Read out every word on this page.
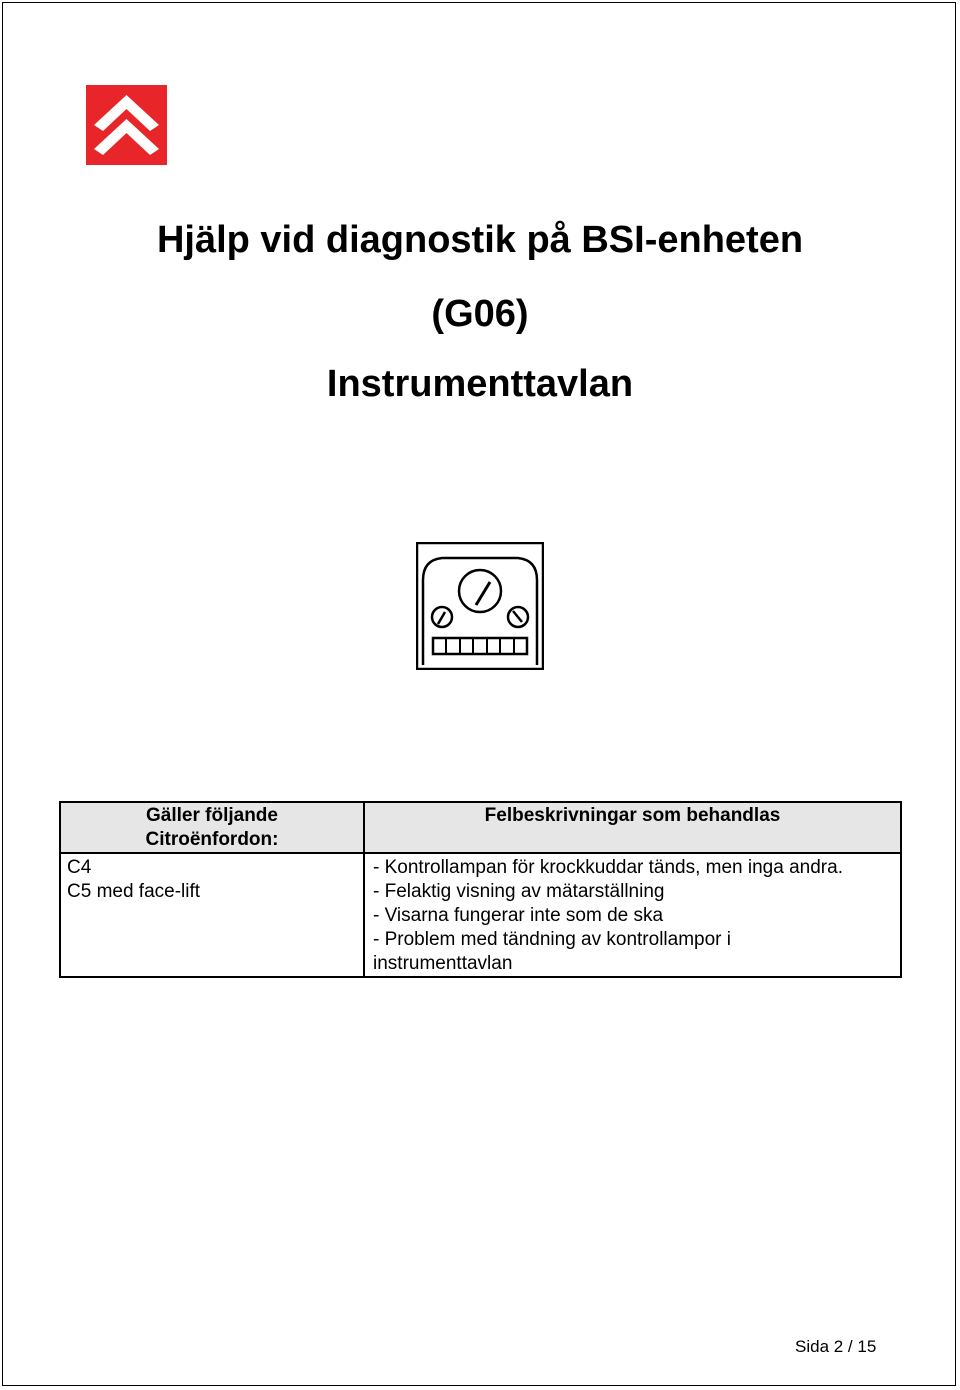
Hjälp vid diagnostik på BSI-enheten
(G06)
Instrumenttavlan
Gäller följande
Citroënfordon:	Felbeskrivningar som behandlas

C4
C5 med face-lift	- Kontrollampan för krockkuddar tänds, men inga andra.
- Felaktig visning av mätarställning
- Visarna fungerar inte som de ska
- Problem med tändning av kontrollampor i
instrumenttavlan
Sida 2 / 15
